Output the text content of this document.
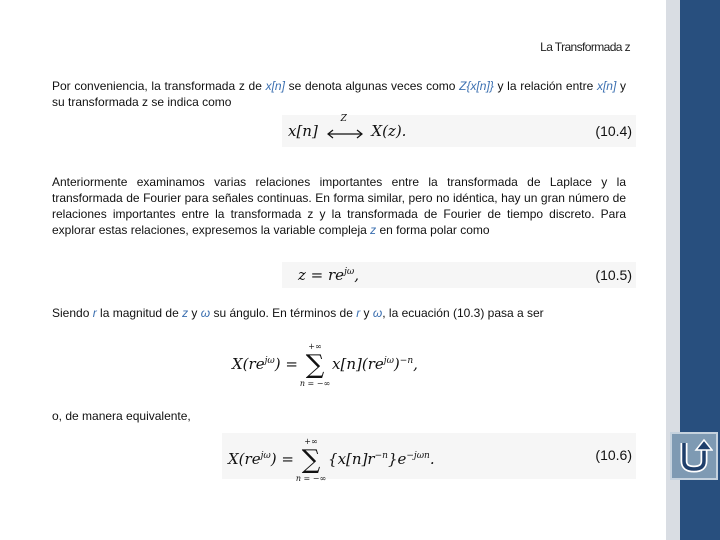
La Transformada z
Por conveniencia, la transformada z de x[n] se denota algunas veces como Z{x[n]} y la relación entre x[n] y su transformada z se indica como
x[n]
Z
X(z).	(10.4)
Anteriormente examinamos varias relaciones importantes entre la transformada de Laplace y la transformada de Fourier para señales continuas. En forma similar, pero no idéntica, hay un gran número de relaciones importantes entre la transformada z y la transformada de Fourier de tiempo discreto. Para explorar estas relaciones, expresemos la variable compleja z en forma polar como
$z = re^{j\omega}$,	(10.5)
Siendo r la magnitud de z y ω su ángulo. En términos de r y ω, la ecuación (10.3) pasa a ser
$X(re^{j\omega})$ = ∑
+∞
n = −∞
$x[n](re^{j\omega})^{-n}$,
o, de manera equivalente,
$X(re^{j\omega})$ = ∑
+∞
n = −∞
$\{x[n]r^{-n}\}e^{-j\omega n}$.	(10.6)
